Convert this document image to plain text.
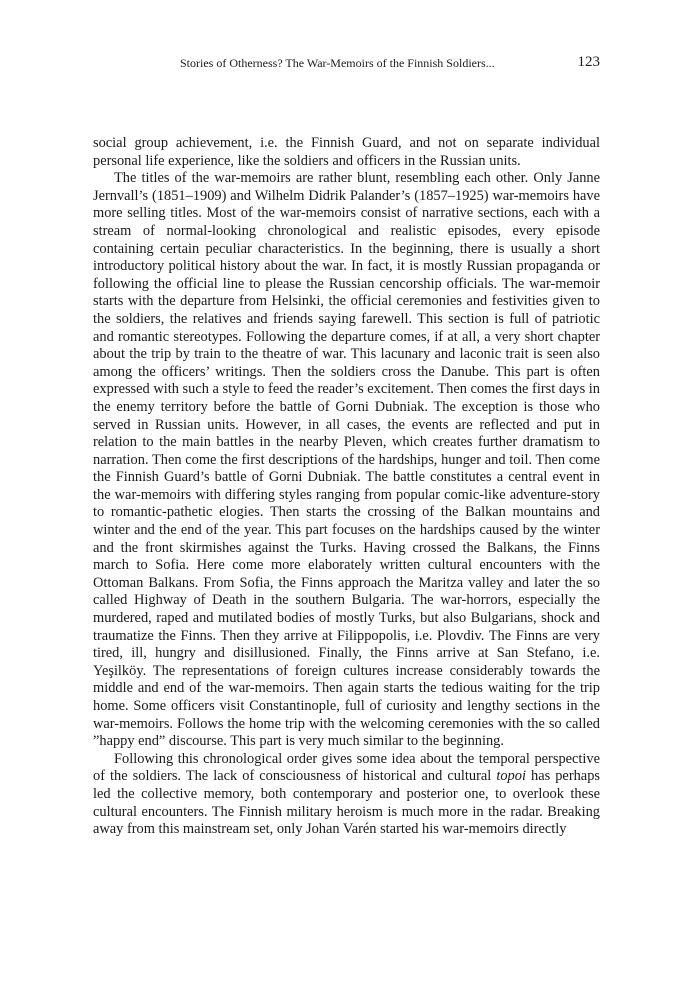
Stories of Otherness? The War-Memoirs of the Finnish Soldiers...	123

social group achievement, i.e. the Finnish Guard, and not on separate individual personal life experience, like the soldiers and officers in the Russian units.

The titles of the war-memoirs are rather blunt, resembling each other. Only Janne Jernvall’s (1851–1909) and Wilhelm Didrik Palander’s (1857–1925) war-memoirs have more selling titles. Most of the war-memoirs consist of narrative sections, each with a stream of normal-looking chronological and realistic episodes, every episode containing certain peculiar characteristics. In the beginning, there is usually a short introductory political history about the war. In fact, it is mostly Russian propaganda or following the official line to please the Russian cencorship officials. The war-memoir starts with the departure from Helsinki, the official ceremonies and festivities given to the soldiers, the relatives and friends saying farewell. This section is full of patriotic and romantic stereotypes. Following the departure comes, if at all, a very short chapter about the trip by train to the theatre of war. This lacunary and laconic trait is seen also among the officers’ writings. Then the soldiers cross the Danube. This part is often expressed with such a style to feed the reader’s excitement. Then comes the first days in the enemy territory before the battle of Gorni Dubniak. The exception is those who served in Russian units. However, in all cases, the events are reflected and put in relation to the main battles in the nearby Pleven, which creates further dramatism to narration. Then come the first descriptions of the hardships, hunger and toil. Then come the Finnish Guard’s battle of Gorni Dubniak. The battle constitutes a central event in the war-memoirs with differing styles ranging from popular comic-like adventure-story to romantic-pathetic elogies. Then starts the crossing of the Balkan mountains and winter and the end of the year. This part focuses on the hardships caused by the winter and the front skirmishes against the Turks. Having crossed the Balkans, the Finns march to Sofia. Here come more elaborately written cultural encounters with the Ottoman Balkans. From Sofia, the Finns approach the Maritza valley and later the so called Highway of Death in the southern Bulgaria. The war-horrors, especially the murdered, raped and mutilated bodies of mostly Turks, but also Bulgarians, shock and traumatize the Finns. Then they arrive at Filippopolis, i.e. Plovdiv. The Finns are very tired, ill, hungry and disillusioned. Finally, the Finns arrive at San Stefano, i.e. Yeşilköy. The representations of foreign cultures increase considerably towards the middle and end of the war-memoirs. Then again starts the tedious waiting for the trip home. Some officers visit Constantinople, full of curiosity and lengthy sections in the war-memoirs. Follows the home trip with the welcoming ceremonies with the so called ”happy end” discourse. This part is very much similar to the beginning.

Following this chronological order gives some idea about the temporal perspective of the soldiers. The lack of consciousness of historical and cultural topoi has perhaps led the collective memory, both contemporary and posterior one, to overlook these cultural encounters. The Finnish military heroism is much more in the radar. Breaking away from this mainstream set, only Johan Varén started his war-memoirs directly
